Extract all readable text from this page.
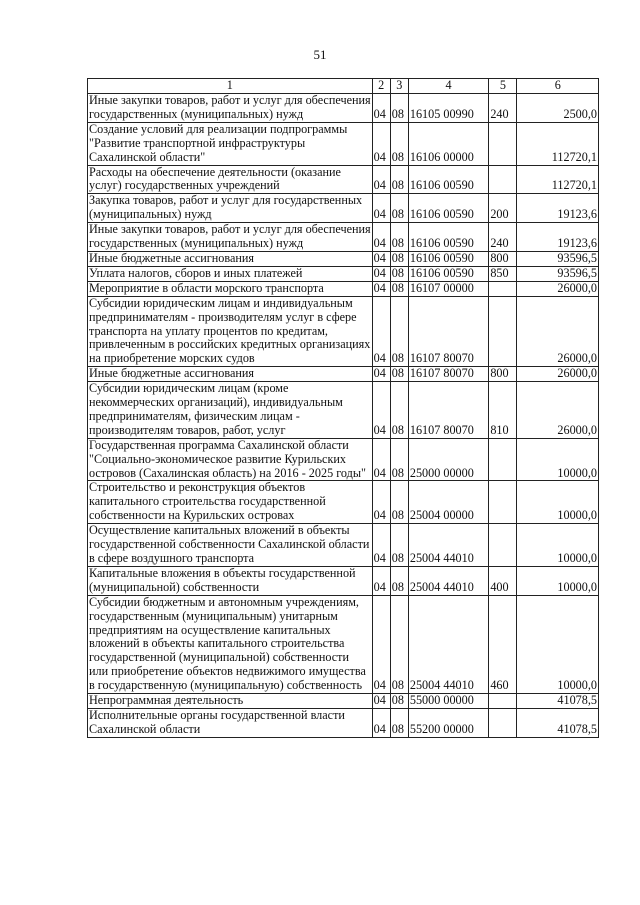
51
1	2	3	4	5	6
Иные закупки товаров, работ и услуг для обеспечения государственных (муниципальных) нужд	04	08	16105 00990	240	2500,0
Создание условий для реализации подпрограммы "Развитие транспортной инфраструктуры Сахалинской области"	04	08	16106 00000		112720,1
Расходы на обеспечение деятельности (оказание услуг) государственных учреждений	04	08	16106 00590		112720,1
Закупка товаров, работ и услуг для государственных (муниципальных) нужд	04	08	16106 00590	200	19123,6
Иные закупки товаров, работ и услуг для обеспечения государственных (муниципальных) нужд	04	08	16106 00590	240	19123,6
Иные бюджетные ассигнования	04	08	16106 00590	800	93596,5
Уплата налогов, сборов и иных платежей	04	08	16106 00590	850	93596,5
Мероприятие в области морского транспорта	04	08	16107 00000		26000,0
Субсидии юридическим лицам и индивидуальным предпринимателям - производителям услуг в сфере транспорта на уплату процентов по кредитам, привлеченным в российских кредитных организациях на приобретение морских судов	04	08	16107 80070		26000,0
Иные бюджетные ассигнования	04	08	16107 80070	800	26000,0
Субсидии юридическим лицам (кроме некоммерческих организаций), индивидуальным предпринимателям, физическим лицам - производителям товаров, работ, услуг	04	08	16107 80070	810	26000,0
Государственная программа Сахалинской области "Социально-экономическое развитие Курильских островов (Сахалинская область) на 2016 - 2025 годы"	04	08	25000 00000		10000,0
Строительство и реконструкция объектов капитального строительства государственной собственности на Курильских островах	04	08	25004 00000		10000,0
Осуществление капитальных вложений в объекты государственной собственности Сахалинской области в сфере воздушного транспорта	04	08	25004 44010		10000,0
Капитальные вложения в объекты государственной (муниципальной) собственности	04	08	25004 44010	400	10000,0
Субсидии бюджетным и автономным учреждениям, государственным (муниципальным) унитарным предприятиям на осуществление капитальных вложений в объекты капитального строительства государственной (муниципальной) собственности или приобретение объектов недвижимого имущества в государственную (муниципальную) собственность	04	08	25004 44010	460	10000,0
Непрограммная деятельность	04	08	55000 00000		41078,5
Исполнительные органы государственной власти Сахалинской области	04	08	55200 00000		41078,5
